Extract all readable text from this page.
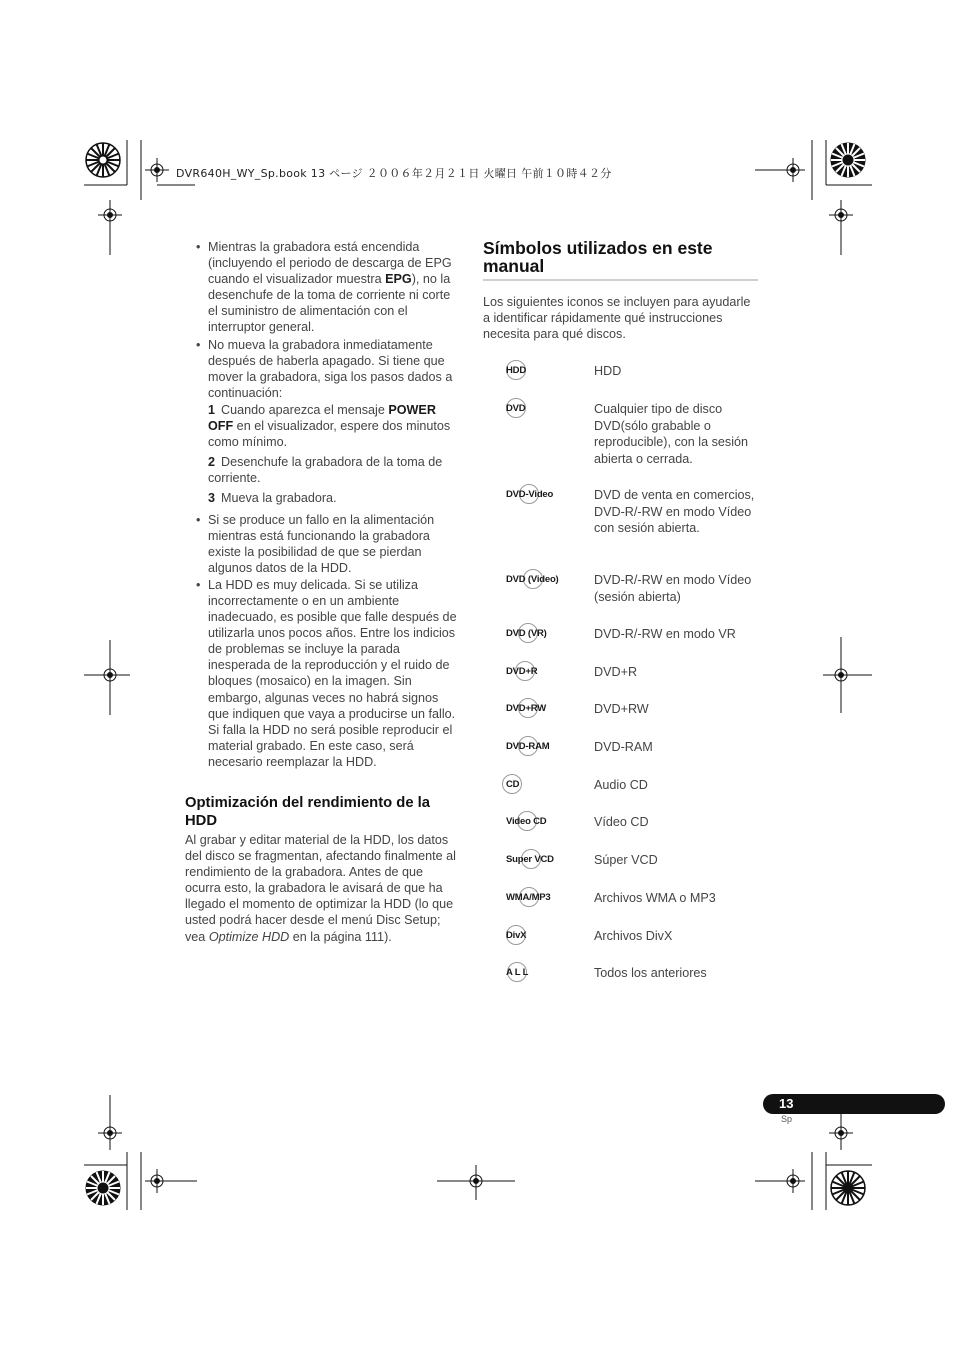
DVR640H_WY_Sp.book 13 ページ ２００６年２月２１日 火曜日 午前１０時４２分
• Mientras la grabadora está encendida (incluyendo el periodo de descarga de EPG cuando el visualizador muestra EPG), no la desenchufe de la toma de corriente ni corte el suministro de alimentación con el interruptor general.
• No mueva la grabadora inmediatamente después de haberla apagado. Si tiene que mover la grabadora, siga los pasos dados a continuación:
1 Cuando aparezca el mensaje POWER OFF en el visualizador, espere dos minutos como mínimo.
2 Desenchufe la grabadora de la toma de corriente.
3 Mueva la grabadora.
• Si se produce un fallo en la alimentación mientras está funcionando la grabadora existe la posibilidad de que se pierdan algunos datos de la HDD.
• La HDD es muy delicada. Si se utiliza incorrectamente o en un ambiente inadecuado, es posible que falle después de utilizarla unos pocos años. Entre los indicios de problemas se incluye la parada inesperada de la reproducción y el ruido de bloques (mosaico) en la imagen. Sin embargo, algunas veces no habrá signos que indiquen que vaya a producirse un fallo. Si falla la HDD no será posible reproducir el material grabado. En este caso, será necesario reemplazar la HDD.
Optimización del rendimiento de la HDD

Al grabar y editar material de la HDD, los datos del disco se fragmentan, afectando finalmente al rendimiento de la grabadora. Antes de que ocurra esto, la grabadora le avisará de que ha llegado el momento de optimizar la HDD (lo que usted podrá hacer desde el menú Disc Setup; vea Optimize HDD en la página 111).

Símbolos utilizados en este manual

Los siguientes iconos se incluyen para ayudarle a identificar rápidamente qué instrucciones necesita para qué discos.

HDD	HDD
DVD	Cualquier tipo de disco DVD(sólo grabable o reproducible), con la sesión abierta o cerrada.
DVD-Video	DVD de venta en comercios, DVD-R/-RW en modo Vídeo con sesión abierta.
DVD (Video)	DVD-R/-RW en modo Vídeo (sesión abierta)
DVD (VR)	DVD-R/-RW en modo VR
DVD+R	DVD+R
DVD+RW	DVD+RW
DVD-RAM	DVD-RAM
CD	Audio CD
Video CD	Vídeo CD
Super VCD	Súper VCD
WMA/MP3	Archivos WMA o MP3
DivX	Archivos DivX
A L L	Todos los anteriores
13
Sp
